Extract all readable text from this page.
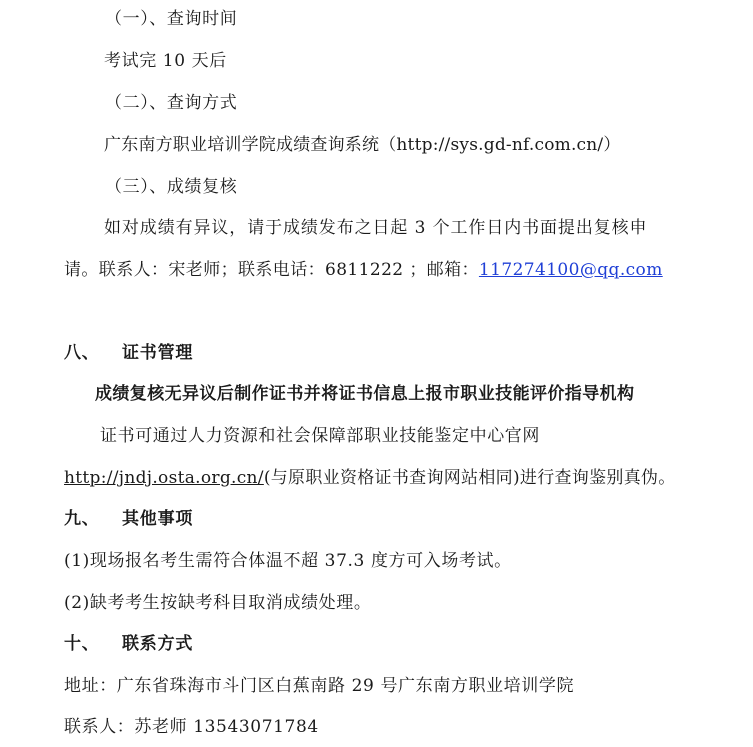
（一）、查询时间
考试完 10 天后
（二）、查询方式
广东南方职业培训学院成绩查询系统（http://sys.gd-nf.com.cn/）
（三）、成绩复核
如对成绩有异议，请于成绩发布之日起 3 个工作日内书面提出复核申
请。联系人：宋老师；联系电话：6811222 ；邮箱：117274100@qq.com
八、 证书管理
成绩复核无异议后制作证书并将证书信息上报市职业技能评价指导机构
证书可通过人力资源和社会保障部职业技能鉴定中心官网
http://jndj.osta.org.cn/(与原职业资格证书查询网站相同)进行查询鉴别真伪。
九、 其他事项
(1)现场报名考生需符合体温不超 37.3 度方可入场考试。
(2)缺考考生按缺考科目取消成绩处理。
十、 联系方式
地址：广东省珠海市斗门区白蕉南路 29 号广东南方职业培训学院
联系人：苏老师 13543071784
